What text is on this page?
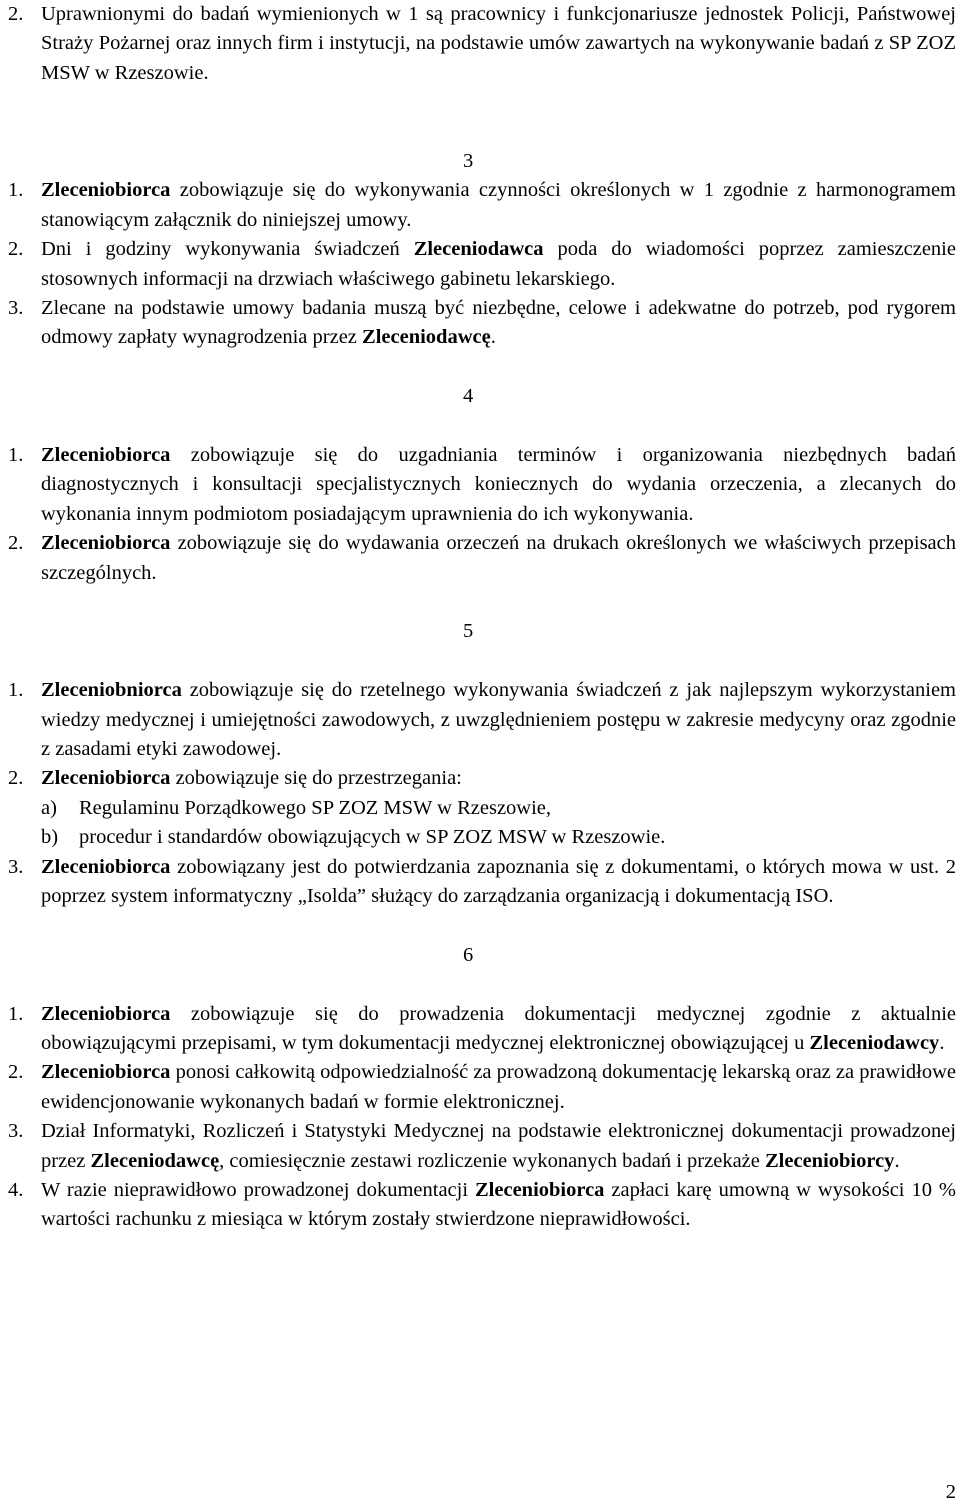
2. Uprawnionymi do badań wymienionych w 1 są pracownicy i funkcjonariusze jednostek Policji, Państwowej Straży Pożarnej oraz innych firm i instytucji, na podstawie umów zawartych na wykonywanie badań z SP ZOZ MSW w Rzeszowie.
3
1. Zleceniobiorca zobowiązuje się do wykonywania czynności określonych w 1 zgodnie z harmonogramem stanowiącym załącznik do niniejszej umowy.
2. Dni i godziny wykonywania świadczeń Zleceniodawca poda do wiadomości poprzez zamieszczenie stosownych informacji na drzwiach właściwego gabinetu lekarskiego.
3. Zlecane na podstawie umowy badania muszą być niezbędne, celowe i adekwatne do potrzeb, pod rygorem odmowy zapłaty wynagrodzenia przez Zleceniodawcę.
4
1. Zleceniobiorca zobowiązuje się do uzgadniania terminów i organizowania niezbędnych badań diagnostycznych i konsultacji specjalistycznych koniecznych do wydania orzeczenia, a zlecanych do wykonania innym podmiotom posiadającym uprawnienia do ich wykonywania.
2. Zleceniobiorca zobowiązuje się do wydawania orzeczeń na drukach określonych we właściwych przepisach szczególnych.
5
1. Zleceniobniorca zobowiązuje się do rzetelnego wykonywania świadczeń z jak najlepszym wykorzystaniem wiedzy medycznej i umiejętności zawodowych, z uwzględnieniem postępu w zakresie medycyny oraz zgodnie z zasadami etyki zawodowej.
2. Zleceniobiorca zobowiązuje się do przestrzegania:
a)	Regulaminu Porządkowego SP ZOZ MSW w Rzeszowie,
b)	procedur i standardów obowiązujących w SP ZOZ MSW w Rzeszowie.
3. Zleceniobiorca zobowiązany jest do potwierdzania zapoznania się z dokumentami, o których mowa w ust. 2 poprzez system informatyczny „Isolda” służący do zarządzania organizacją i dokumentacją ISO.
6
1. Zleceniobiorca zobowiązuje się do prowadzenia dokumentacji medycznej zgodnie z aktualnie obowiązującymi przepisami, w tym dokumentacji medycznej elektronicznej obowiązującej u Zleceniodawcy.
2. Zleceniobiorca ponosi całkowitą odpowiedzialność za prowadzoną dokumentację lekarską oraz za prawidłowe ewidencjonowanie wykonanych badań w formie elektronicznej.
3. Dział Informatyki, Rozliczeń i Statystyki Medycznej na podstawie elektronicznej dokumentacji prowadzonej przez Zleceniodawcę, comiesięcznie zestawi rozliczenie wykonanych badań i przekaże Zleceniobiorcy.
4. W razie nieprawidłowo prowadzonej dokumentacji Zleceniobiorca zapłaci karę umowną w wysokości 10 % wartości rachunku z miesiąca w którym zostały stwierdzone nieprawidłowości.
2
